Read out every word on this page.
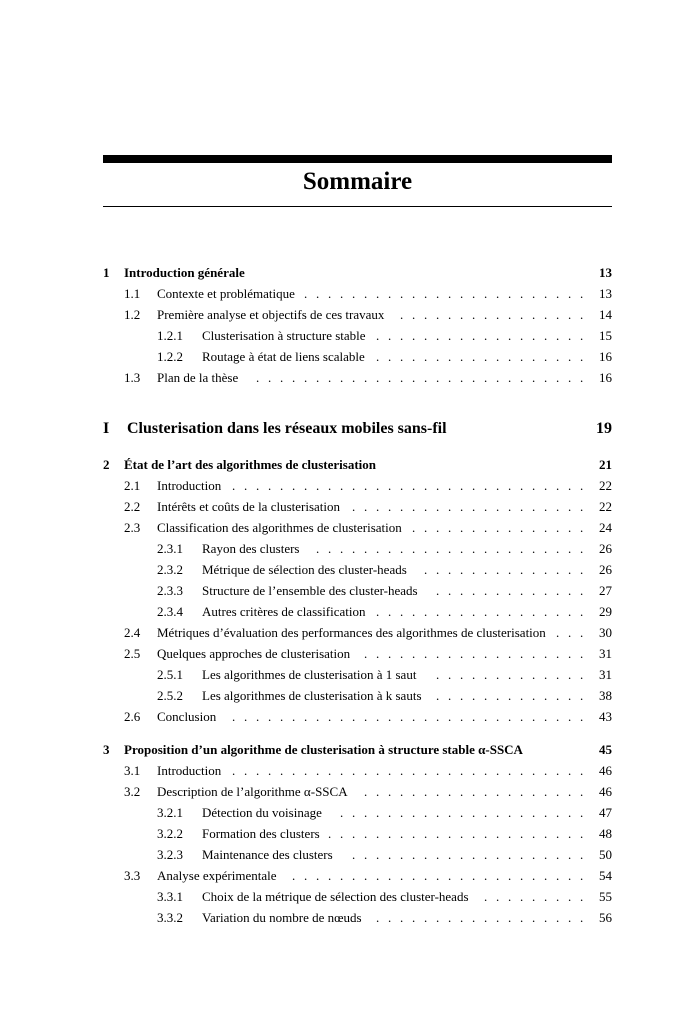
Sommaire
1 Introduction générale	13
1.1 Contexte et problématique	13
........................
1.2 Première analyse et objectifs de ces travaux	14
................
1.2.1 Clusterisation à structure stable	15
..................
1.2.2 Routage à état de liens scalable	16
..................
1.3 Plan de la thèse	16
............................
I Clusterisation dans les réseaux mobiles sans-fil	19
2 État de l’art des algorithmes de clusterisation	21
2.1 Introduction	22
..............................
2.2 Intérêts et coûts de la clusterisation	22
....................
2.3 Classification des algorithmes de clusterisation	24
...............
2.3.1 Rayon des clusters	26
.......................
2.3.2 Métrique de sélection des cluster-heads	26
..............
2.3.3 Structure de l’ensemble des cluster-heads	27
.............
2.3.4 Autres critères de classification	29
..................
2.4 Métriques d’évaluation des performances des algorithmes de clusterisation	30
...
2.5 Quelques approches de clusterisation	31
...................
2.5.1 Les algorithmes de clusterisation à 1 saut	31
.............
2.5.2 Les algorithmes de clusterisation à k sauts	38
.............
2.6 Conclusion	43
..............................
3 Proposition d’un algorithme de clusterisation à structure stable α-SSCA	45
3.1 Introduction	46
..............................
3.2 Description de l’algorithme α-SSCA	46
...................
3.2.1 Détection du voisinage	47
.....................
3.2.2 Formation des clusters	48
......................
3.2.3 Maintenance des clusters	50
....................
3.3 Analyse expérimentale	54
.........................
3.3.1 Choix de la métrique de sélection des cluster-heads	55
.........
3.3.2 Variation du nombre de nœuds	56
..................
